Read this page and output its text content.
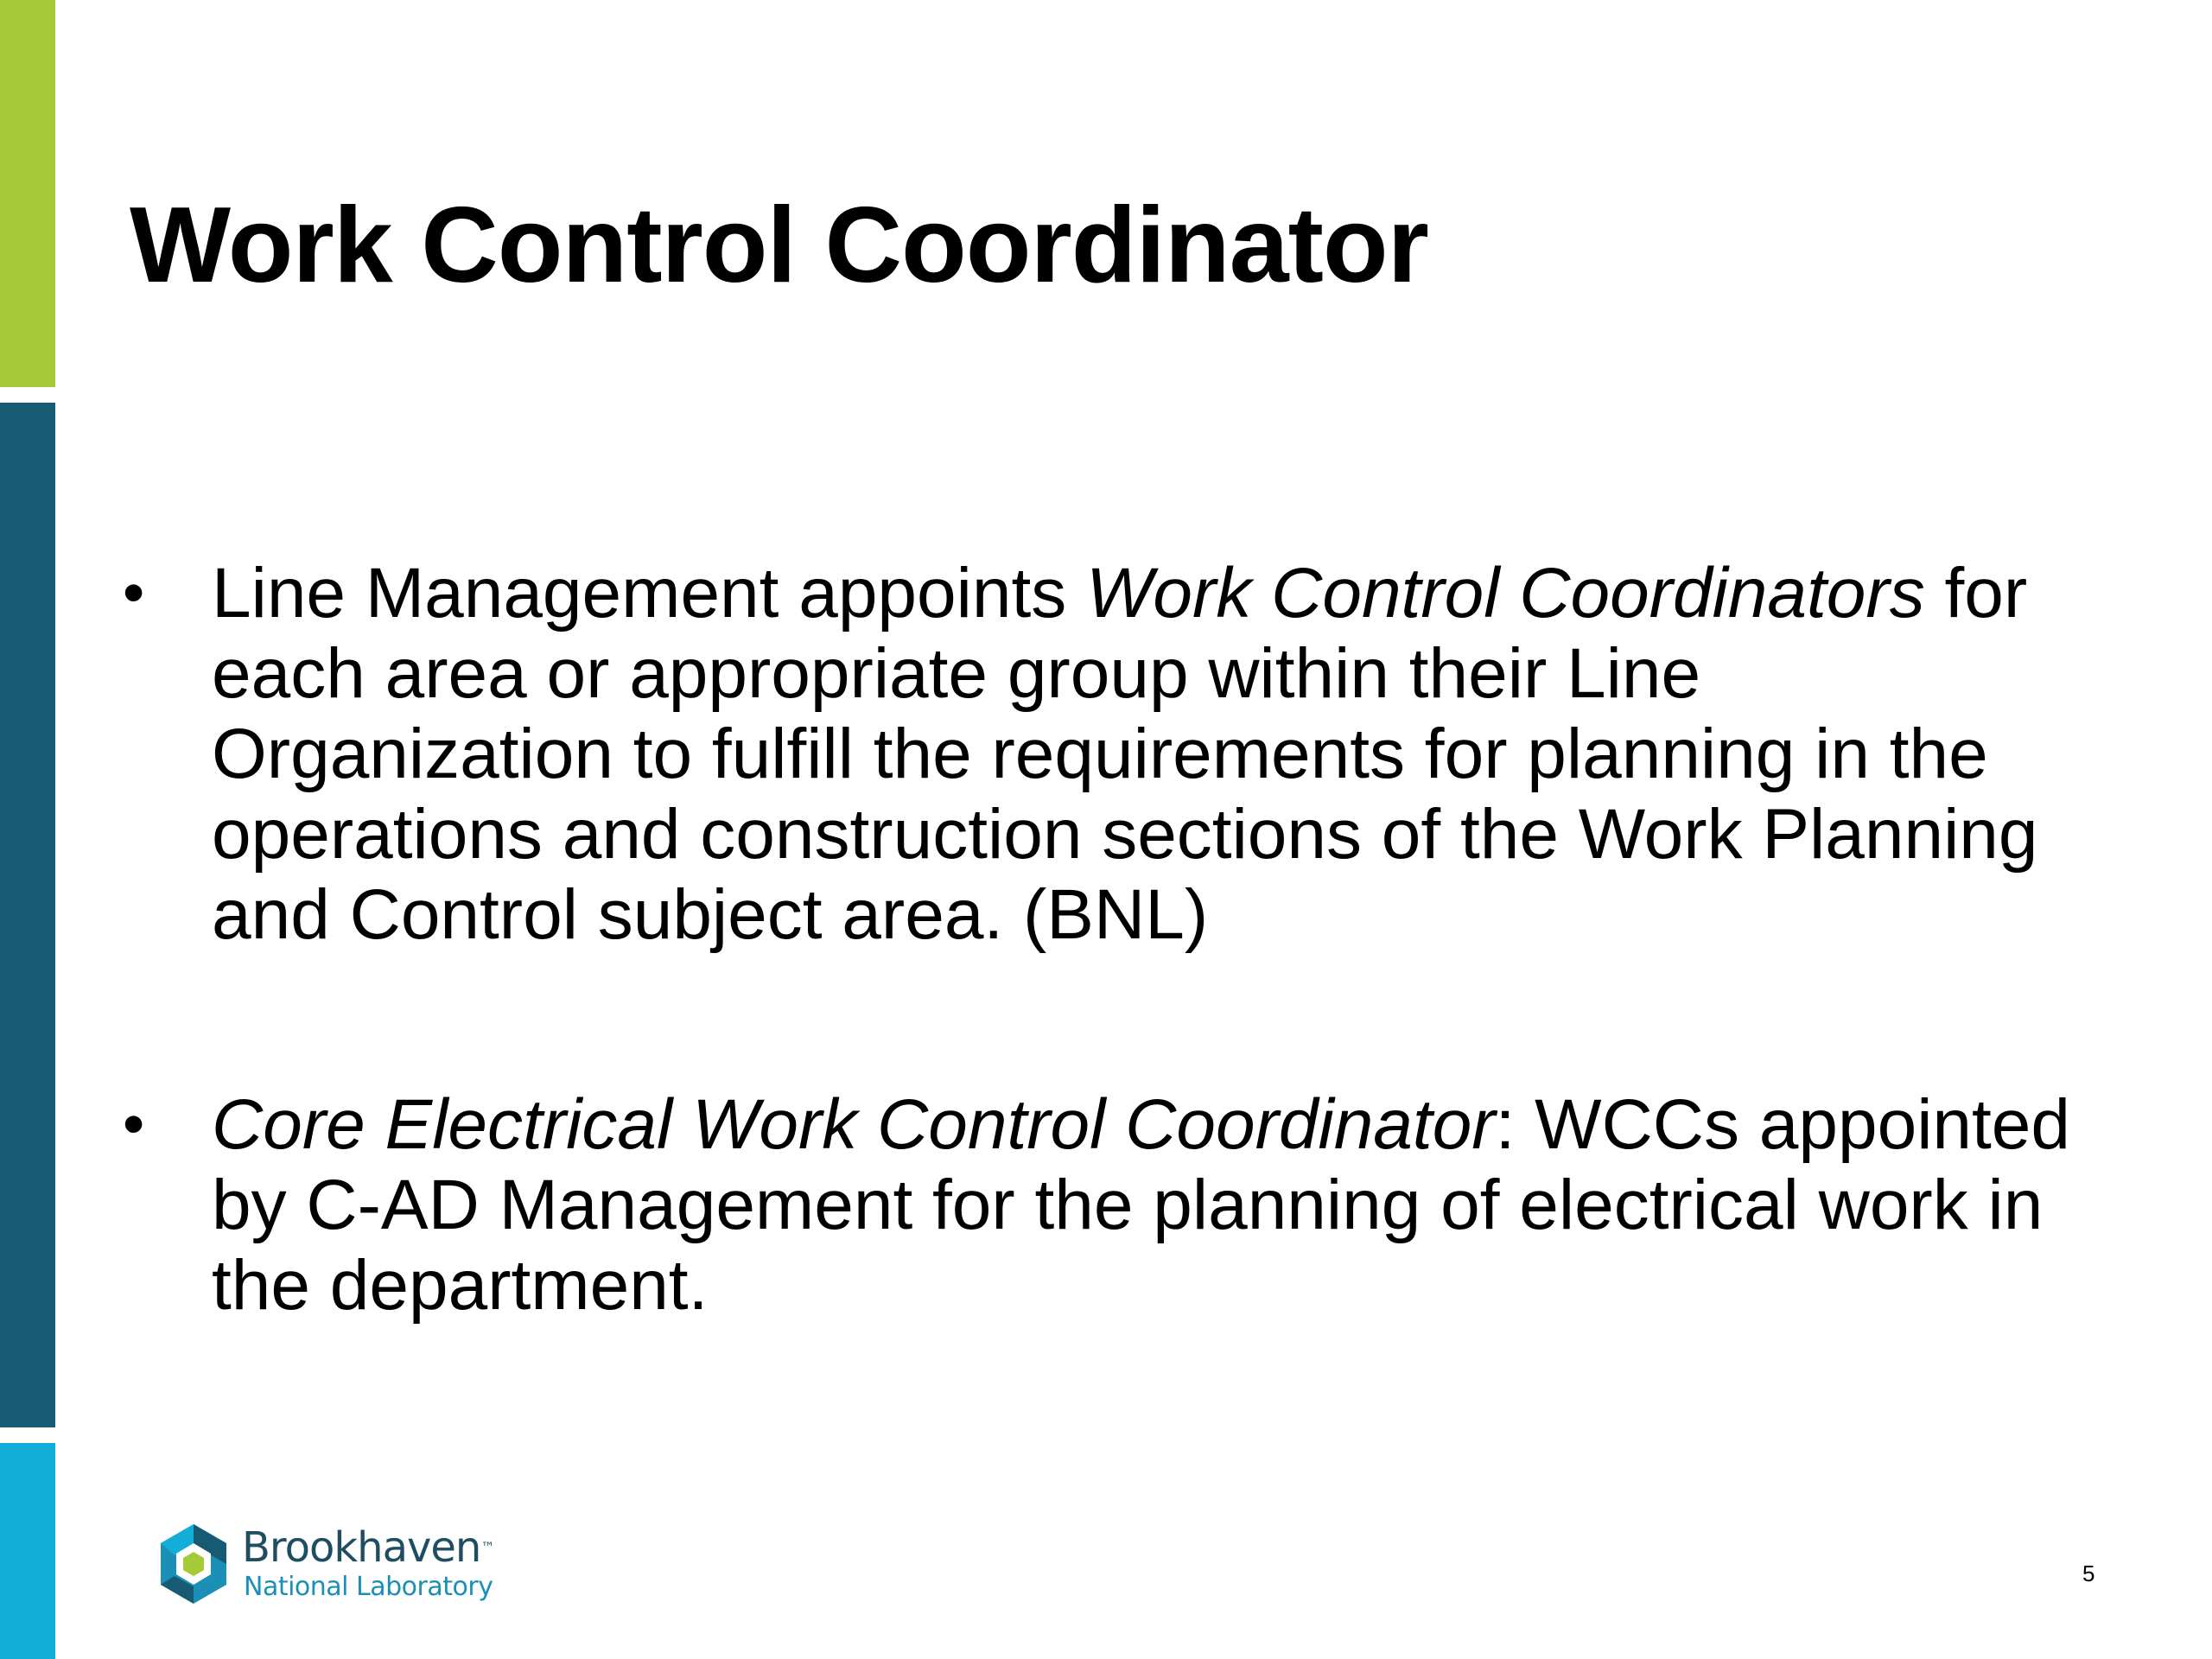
Work Control Coordinator
• Line Management appoints Work Control Coordinators for each area or appropriate group within their Line Organization to fulfill the requirements for planning in the operations and construction sections of the Work Planning and Control subject area. (BNL)
• Core Electrical Work Control Coordinator: WCCs appointed by C-AD Management for the planning of electrical work in the department.
Brookhaven™
National Laboratory	5
